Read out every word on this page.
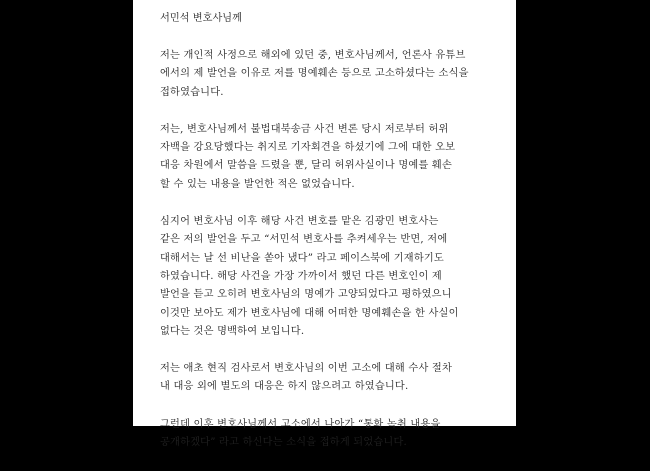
서민석 변호사님께
저는 개인적 사정으로 해외에 있던 중, 변호사님께서, 언론사 유튜브
에서의 제 발언을 이유로 저를 명예훼손 등으로 고소하셨다는 소식을
접하였습니다.
저는, 변호사님께서 불법대북송금 사건 변론 당시 저로부터 허위
자백을 강요당했다는 취지로 기자회견을 하셨기에 그에 대한 오보
대응 차원에서 말씀을 드렸을 뿐, 달리 허위사실이나 명예를 훼손
할 수 있는 내용을 발언한 적은 없었습니다.
심지어 변호사님 이후 해당 사건 변호를 맡은 김광민 변호사는
같은 저의 발언을 두고 “서민석 변호사를 추켜세우는 반면, 저에
대해서는 날 선 비난을 쏟아 냈다” 라고 페이스북에 기재하기도
하였습니다. 해당 사건을 가장 가까이서 했던 다른 변호인이 제
발언을 듣고 오히려 변호사님의 명예가 고양되었다고 평하였으니
이것만 보아도 제가 변호사님에 대해 어떠한 명예훼손을 한 사실이
없다는 것은 명백하여 보입니다.
저는 애초 현직 검사로서 변호사님의 이번 고소에 대해 수사 절차
내 대응 외에 별도의 대응은 하지 않으려고 하였습니다.
그런데 이후 변호사님께서 고소에서 나아가 “통화 녹취 내용을
공개하겠다” 라고 하신다는 소식을 접하게 되었습니다.
